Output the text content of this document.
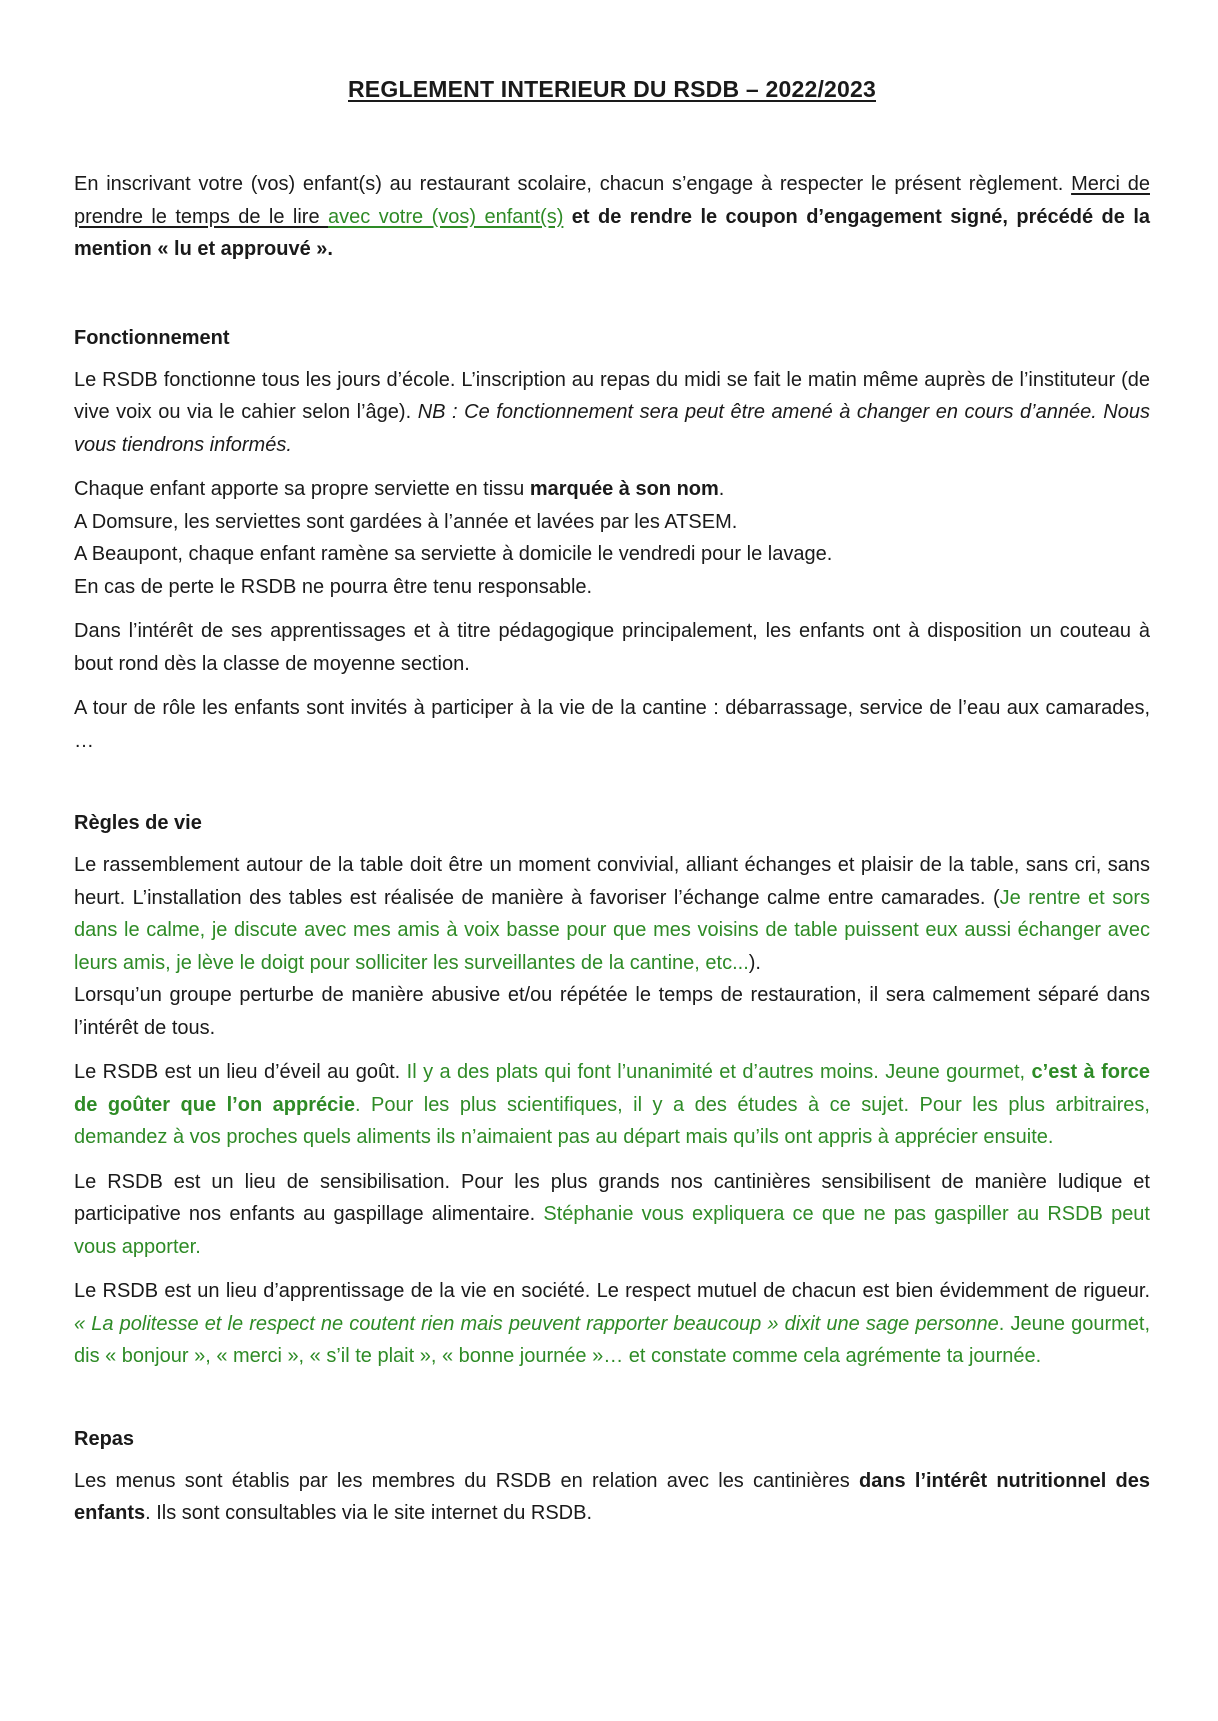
REGLEMENT INTERIEUR DU RSDB – 2022/2023

En inscrivant votre (vos) enfant(s) au restaurant scolaire, chacun s’engage à respecter le présent règlement. Merci de prendre le temps de le lire avec votre (vos) enfant(s) et de rendre le coupon d’engagement signé, précédé de la mention « lu et approuvé ».

Fonctionnement

Le RSDB fonctionne tous les jours d’école. L’inscription au repas du midi se fait le matin même auprès de l’instituteur (de vive voix ou via le cahier selon l’âge). NB : Ce fonctionnement sera peut être amené à changer en cours d’année. Nous vous tiendrons informés.

Chaque enfant apporte sa propre serviette en tissu marquée à son nom.
A Domsure, les serviettes sont gardées à l’année et lavées par les ATSEM.
A Beaupont, chaque enfant ramène sa serviette à domicile le vendredi pour le lavage.
En cas de perte le RSDB ne pourra être tenu responsable.

Dans l’intérêt de ses apprentissages et à titre pédagogique principalement, les enfants ont à disposition un couteau à bout rond dès la classe de moyenne section.

A tour de rôle les enfants sont invités à participer à la vie de la cantine : débarrassage, service de l’eau aux camarades, …

Règles de vie

Le rassemblement autour de la table doit être un moment convivial, alliant échanges et plaisir de la table, sans cri, sans heurt. L’installation des tables est réalisée de manière à favoriser l’échange calme entre camarades. (Je rentre et sors dans le calme, je discute avec mes amis à voix basse pour que mes voisins de table puissent eux aussi échanger avec leurs amis, je lève le doigt pour solliciter les surveillantes de la cantine, etc...).
Lorsqu’un groupe perturbe de manière abusive et/ou répétée le temps de restauration, il sera calmement séparé dans l’intérêt de tous.

Le RSDB est un lieu d’éveil au goût. Il y a des plats qui font l’unanimité et d’autres moins. Jeune gourmet, c’est à force de goûter que l’on apprécie. Pour les plus scientifiques, il y a des études à ce sujet. Pour les plus arbitraires, demandez à vos proches quels aliments ils n’aimaient pas au départ mais qu’ils ont appris à apprécier ensuite.

Le RSDB est un lieu de sensibilisation. Pour les plus grands nos cantinières sensibilisent de manière ludique et participative nos enfants au gaspillage alimentaire. Stéphanie vous expliquera ce que ne pas gaspiller au RSDB peut vous apporter.

Le RSDB est un lieu d’apprentissage de la vie en société. Le respect mutuel de chacun est bien évidemment de rigueur. « La politesse et le respect ne coutent rien mais peuvent rapporter beaucoup » dixit une sage personne. Jeune gourmet, dis « bonjour », « merci », « s’il te plait », « bonne journée »… et constate comme cela agrémente ta journée.

Repas

Les menus sont établis par les membres du RSDB en relation avec les cantinières dans l’intérêt nutritionnel des enfants. Ils sont consultables via le site internet du RSDB.
